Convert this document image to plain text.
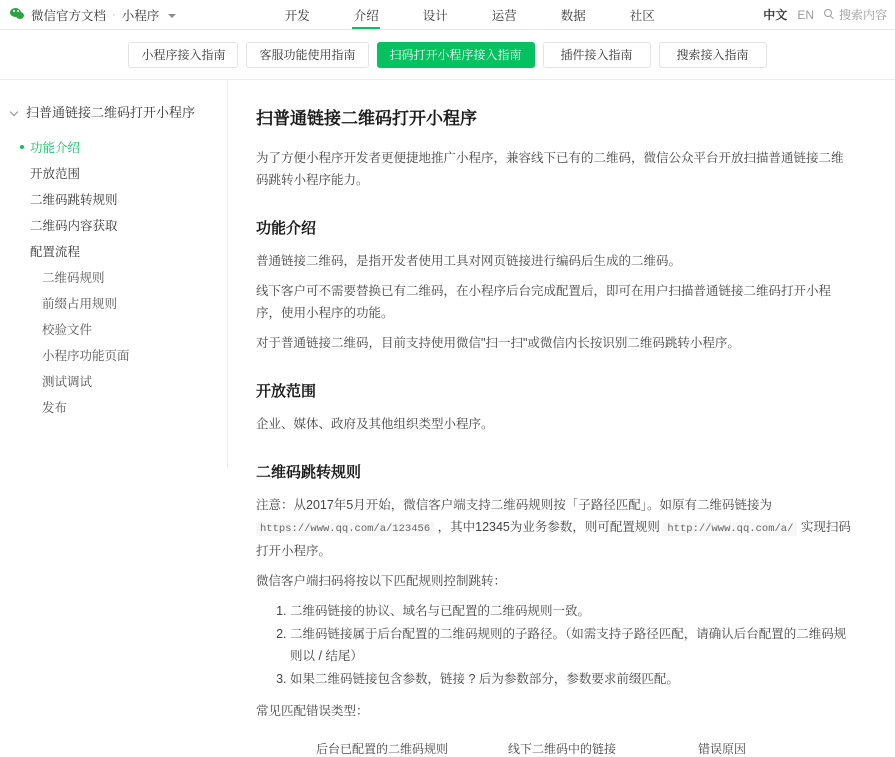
微信官方文档 · 小程序	开发	介绍	设计	运营	数据	社区	中文 EN 搜索内容
小程序接入指南	客服功能使用指南	扫码打开小程序接入指南	插件接入指南	搜索接入指南
扫普通链接二维码打开小程序
功能介绍
开放范围
二维码跳转规则
二维码内容获取
配置流程
二维码规则
前缀占用规则
校验文件
小程序功能页面
测试调试
发布
扫普通链接二维码打开小程序

为了方便小程序开发者更便捷地推广小程序，兼容线下已有的二维码，微信公众平台开放扫描普通链接二维码跳转小程序能力。

功能介绍

普通链接二维码，是指开发者使用工具对网页链接进行编码后生成的二维码。

线下客户可不需要替换已有二维码，在小程序后台完成配置后，即可在用户扫描普通链接二维码打开小程序，使用小程序的功能。

对于普通链接二维码，目前支持使用微信"扫一扫"或微信内长按识别二维码跳转小程序。

开放范围

企业、媒体、政府及其他组织类型小程序。

二维码跳转规则

注意：从2017年5月开始，微信客户端支持二维码规则按「子路径匹配」。如原有二维码链接为 https://www.qq.com/a/123456 ，其中12345为业务参数，则可配置规则 http://www.qq.com/a/ 实现扫码打开小程序。

微信客户端扫码将按以下匹配规则控制跳转：

1. 二维码链接的协议、域名与已配置的二维码规则一致。
2. 二维码链接属于后台配置的二维码规则的子路径。（如需支持子路径匹配，请确认后台配置的二维码规则以 / 结尾）
3. 如果二维码链接包含参数，链接 ? 后为参数部分，参数要求前缀匹配。

常见匹配错误类型：

后台已配置的二维码规则	线下二维码中的链接	错误原因
